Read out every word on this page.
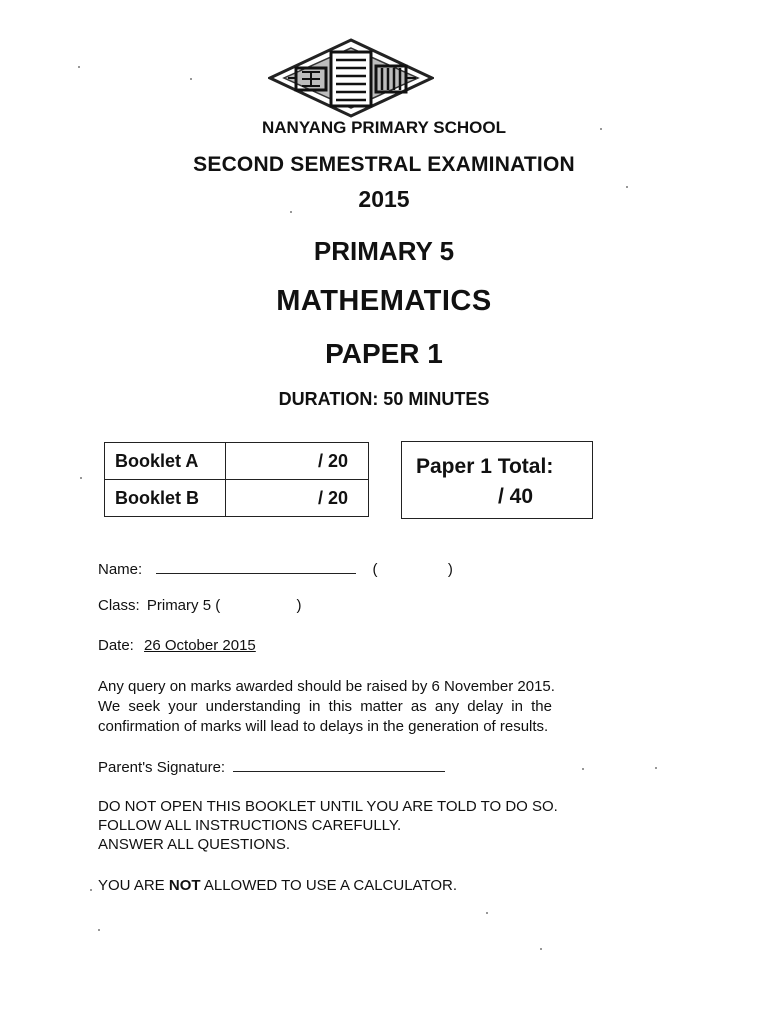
NANYANG PRIMARY SCHOOL
SECOND SEMESTRAL EXAMINATION
2015
PRIMARY 5
MATHEMATICS
PAPER 1
DURATION: 50 MINUTES
Booklet A	/ 20
Booklet B	/ 20
Paper 1 Total:
/ 40
Name:	(	)
Class: Primary 5 (	)
Date: 26 October 2015
Any query on marks awarded should be raised by 6 November 2015.
We seek your understanding in this matter as any delay in the
confirmation of marks will lead to delays in the generation of results.
Parent's Signature:
DO NOT OPEN THIS BOOKLET UNTIL YOU ARE TOLD TO DO SO.
FOLLOW ALL INSTRUCTIONS CAREFULLY.
ANSWER ALL QUESTIONS.
YOU ARE NOT ALLOWED TO USE A CALCULATOR.
